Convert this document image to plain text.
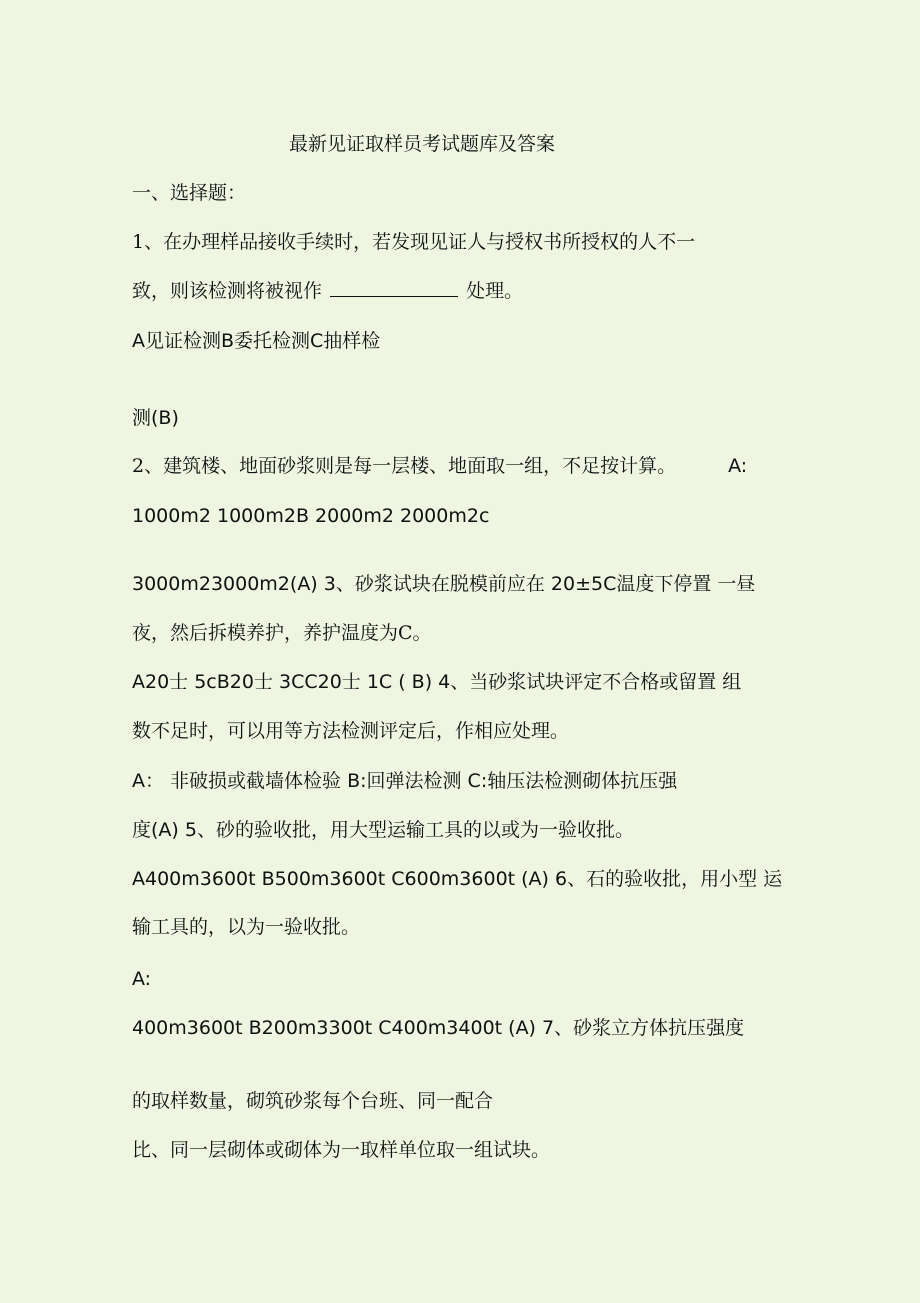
最新见证取样员考试题库及答案
一、选择题：
1、在办理样品接收手续时，若发现见证人与授权书所授权的人不一
致，则该检测将被视作	处理。
A见证检测B委托检测C抽样检
测(B)
2、建筑楼、地面砂浆则是每一层楼、地面取一组，不足按计算。	A:
1000m2 1000m2B 2000m2 2000m2c
3000m23000m2(A) 3、砂浆试块在脱模前应在 20±5C温度下停置 一昼
夜，然后拆模养护，养护温度为C。
A20士 5cB20士 3CC20士 1C ( B) 4、当砂浆试块评定不合格或留置 组
数不足时，可以用等方法检测评定后，作相应处理。
A： 非破损或截墙体检验 B:回弹法检测 C:轴压法检测砌体抗压强
度(A) 5、砂的验收批，用大型运输工具的以或为一验收批。
A400m3600t B500m3600t C600m3600t (A) 6、石的验收批，用小型 运
输工具的，以为一验收批。
A:
400m3600t B200m3300t C400m3400t (A) 7、砂浆立方体抗压强度
的取样数量，砌筑砂浆每个台班、同一配合
比、同一层砌体或砌体为一取样单位取一组试块。
